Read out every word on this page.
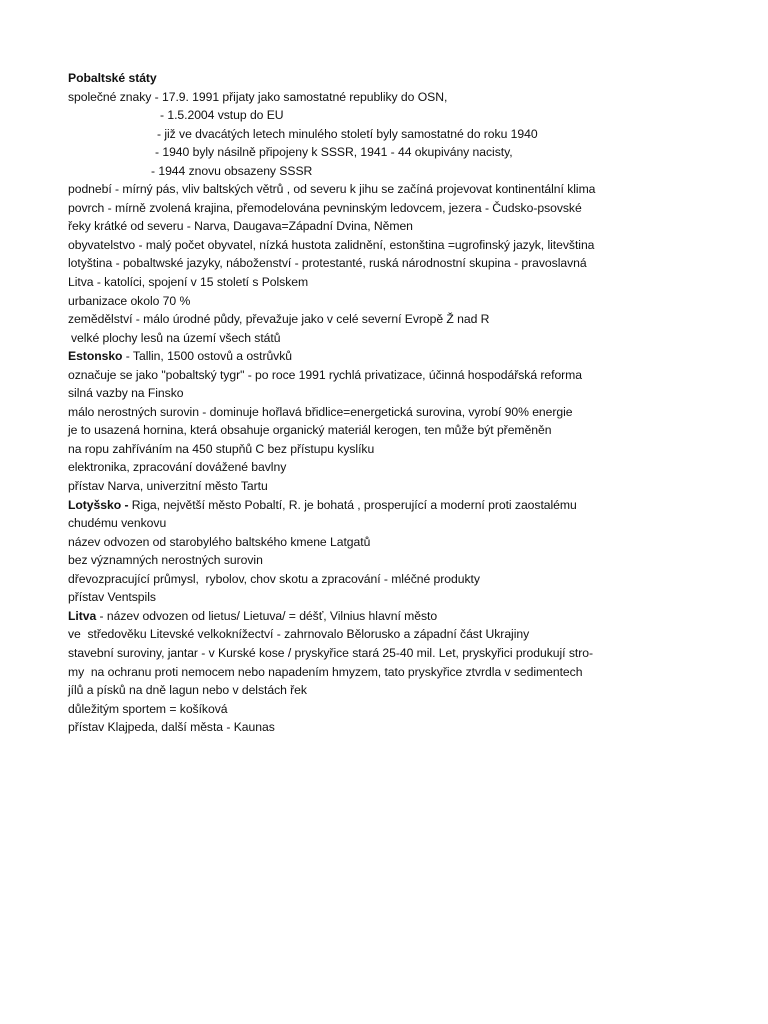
Pobaltské státy
společné znaky - 17.9. 1991 přijaty jako samostatné republiky do OSN,
- 1.5.2004 vstup do EU
- již ve dvacátých letech minulého století byly samostatné do roku 1940
- 1940 byly násilně připojeny k SSSR, 1941 - 44 okupivány nacisty,
- 1944 znovu obsazeny SSSR
podnebí - mírný pás, vliv baltských větrů , od severu k jihu se začíná projevovat kontinentální klima
povrch - mírně zvolená krajina, přemodelována pevninským ledovcem, jezera - Čudsko-psovské
řeky krátké od severu - Narva, Daugava=Západní Dvina, Němen
obyvatelstvo - malý počet obyvatel, nízká hustota zalidnění, estonština =ugrofinský jazyk, litevština
lotyština - pobaltwské jazyky, náboženství - protestanté, ruská národnostní skupina - pravoslavná
Litva - katolíci, spojení v 15 století s Polskem
urbanizace okolo 70 %
zemědělství - málo úrodné půdy, převažuje jako v celé severní Evropě Ž nad R
velké plochy lesů na území všech států
Estonsko - Tallin, 1500 ostovů a ostrůvků
označuje se jako "pobaltský tygr" - po roce 1991 rychlá privatizace, účinná hospodářská reforma
silná vazby na Finsko
málo nerostných surovin - dominuje hořlavá břidlice=energetická surovina, vyrobí 90% energie
je to usazená hornina, která obsahuje organický materiál kerogen, ten může být přeměněn
na ropu zahříváním na 450 stupňů C bez přístupu kyslíku
elektronika, zpracování dovážené bavlny
přístav Narva, univerzitní město Tartu
Lotyšsko - Riga, největší město Pobaltí, R. je bohatá , prosperující a moderní proti zaostalému
chudému venkovu
název odvozen od starobylého baltského kmene Latgatů
bez významných nerostných surovin
dřevozpracující průmysl,  rybolov, chov skotu a zpracování - mléčné produkty
přístav Ventspils
Litva - název odvozen od lietus/ Lietuva/ = déšť, Vilnius hlavní město
ve  středověku Litevské velkoknížectví - zahrnovalo Bělorusko a západní část Ukrajiny
stavební suroviny, jantar - v Kurské kose / pryskyřice stará 25-40 mil. Let, pryskyřici produkují stro-
my  na ochranu proti nemocem nebo napadením hmyzem, tato pryskyřice ztvrdla v sedimentech
jílů a písků na dně lagun nebo v delstách řek
důležitým sportem = košíková
přístav Klajpeda, další města - Kaunas
